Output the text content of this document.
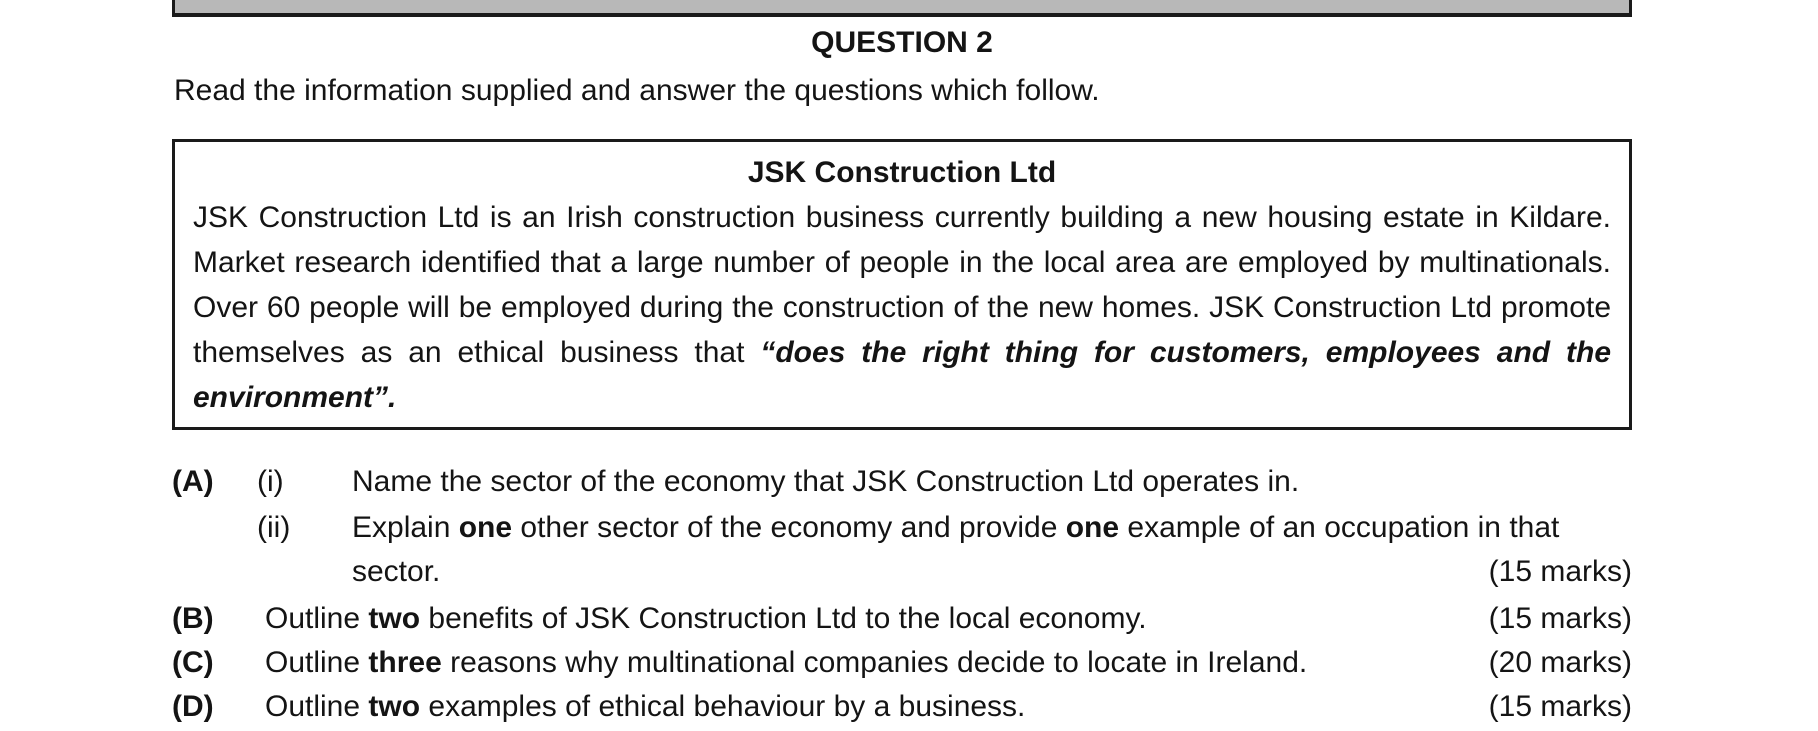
QUESTION 2

Read the information supplied and answer the questions which follow.

JSK Construction Ltd

JSK Construction Ltd is an Irish construction business currently building a new housing estate in Kildare. Market research identified that a large number of people in the local area are employed by multinationals. Over 60 people will be employed during the construction of the new homes. JSK Construction Ltd promote themselves as an ethical business that “does the right thing for customers, employees and the environment”.

(A)	(i)	Name the sector of the economy that JSK Construction Ltd operates in.
(ii)	Explain one other sector of the economy and provide one example of an occupation in that sector.	(15 marks)
(B)	Outline two benefits of JSK Construction Ltd to the local economy.	(15 marks)
(C)	Outline three reasons why multinational companies decide to locate in Ireland.	(20 marks)
(D)	Outline two examples of ethical behaviour by a business.	(15 marks)
